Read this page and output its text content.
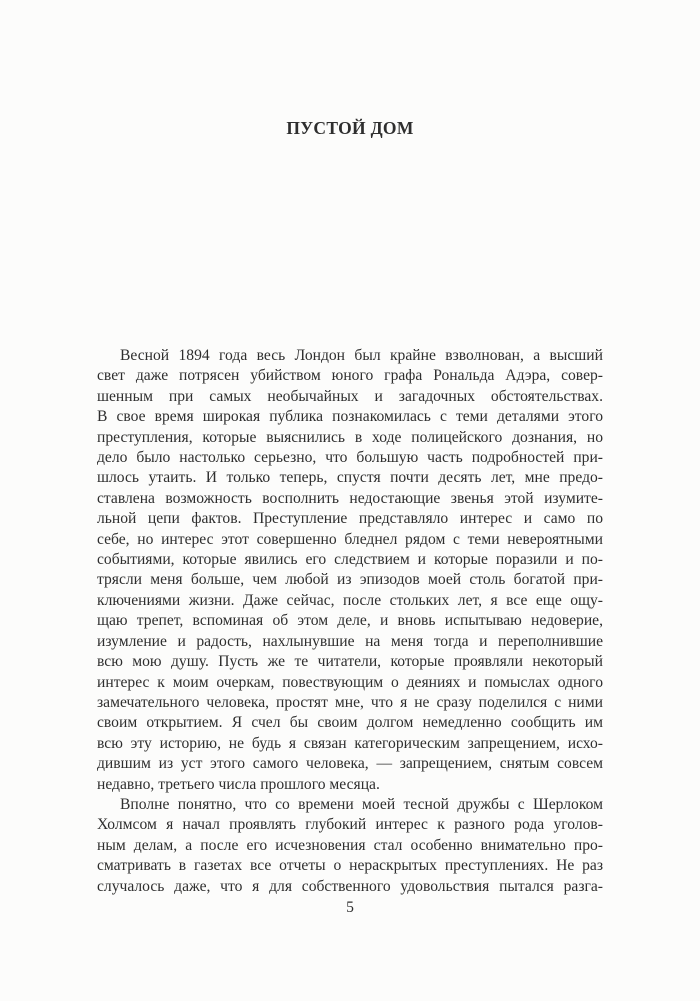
ПУСТОЙ ДОМ
Весной 1894 года весь Лондон был крайне взволнован, а высший
свет даже потрясен убийством юного графа Рональда Адэра, совер-
шенным при самых необычайных и загадочных обстоятельствах.
В свое время широкая публика познакомилась с теми деталями этого
преступления, которые выяснились в ходе полицейского дознания, но
дело было настолько серьезно, что большую часть подробностей при-
шлось утаить. И только теперь, спустя почти десять лет, мне предо-
ставлена возможность восполнить недостающие звенья этой изумите-
льной цепи фактов. Преступление представляло интерес и само по
себе, но интерес этот совершенно бледнел рядом с теми невероятными
событиями, которые явились его следствием и которые поразили и по-
трясли меня больше, чем любой из эпизодов моей столь богатой при-
ключениями жизни. Даже сейчас, после стольких лет, я все еще ощу-
щаю трепет, вспоминая об этом деле, и вновь испытываю недоверие,
изумление и радость, нахлынувшие на меня тогда и переполнившие
всю мою душу. Пусть же те читатели, которые проявляли некоторый
интерес к моим очеркам, повествующим о деяниях и помыслах одного
замечательного человека, простят мне, что я не сразу поделился с ними
своим открытием. Я счел бы своим долгом немедленно сообщить им
всю эту историю, не будь я связан категорическим запрещением, исхо-
дившим из уст этого самого человека, — запрещением, снятым совсем
недавно, третьего числа прошлого месяца.
Вполне понятно, что со времени моей тесной дружбы с Шерлоком
Холмсом я начал проявлять глубокий интерес к разного рода уголов-
ным делам, а после его исчезновения стал особенно внимательно про-
сматривать в газетах все отчеты о нераскрытых преступлениях. Не раз
случалось даже, что я для собственного удовольствия пытался разга-
5
